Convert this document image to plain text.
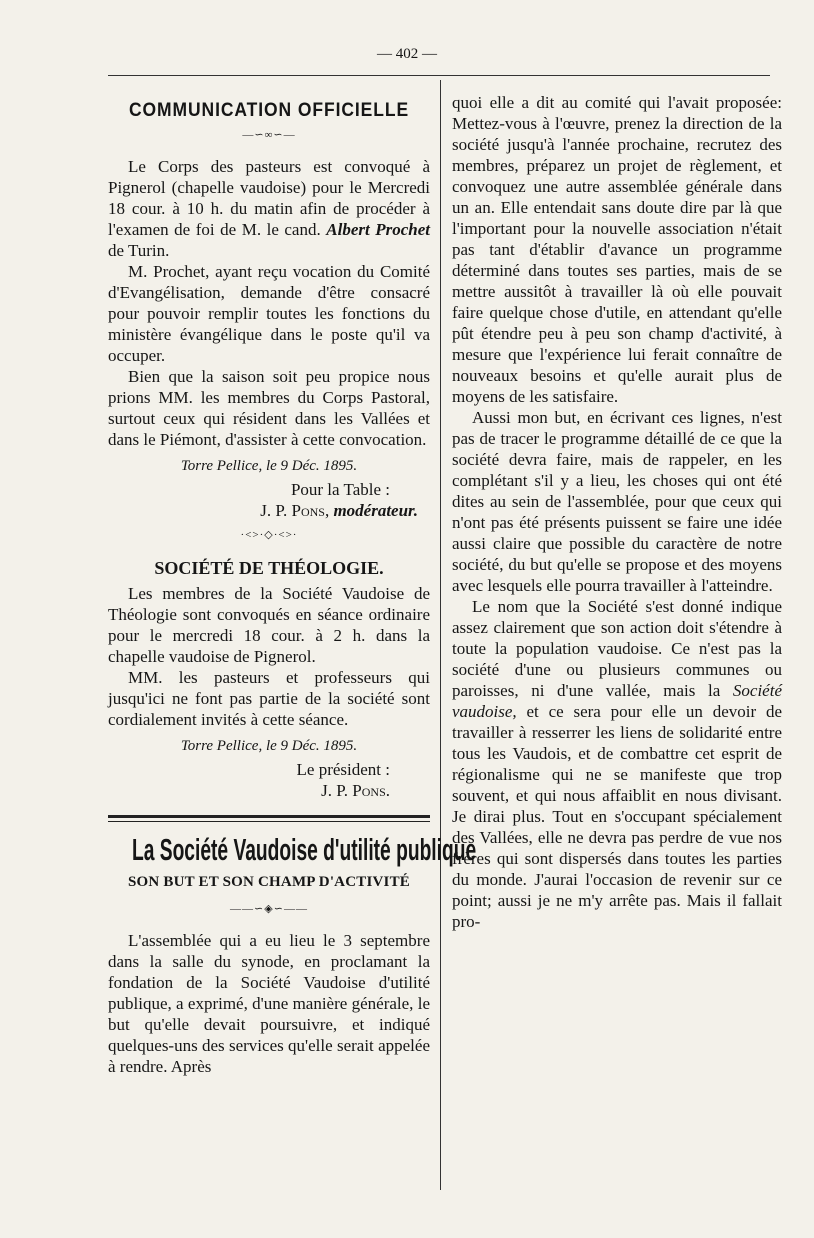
— 402 —
COMMUNICATION OFFICIELLE
—∽∞∽—

Le Corps des pasteurs est convoqué à Pignerol (chapelle vaudoise) pour le Mercredi 18 cour. à 10 h. du matin afin de procéder à l'examen de foi de M. le cand. Albert Prochet de Turin.

M. Prochet, ayant reçu vocation du Comité d'Evangélisation, demande d'être consacré pour pouvoir remplir toutes les fonctions du ministère évangélique dans le poste qu'il va occuper.

Bien que la saison soit peu propice nous prions MM. les membres du Corps Pastoral, surtout ceux qui résident dans les Vallées et dans le Piémont, d'assister à cette convocation.

Torre Pellice, le 9 Déc. 1895.
Pour la Table :
J. P. Pons, modérateur.
·<>·◇·<>·
SOCIÉTÉ DE THÉOLOGIE.

Les membres de la Société Vaudoise de Théologie sont convoqués en séance ordinaire pour le mercredi 18 cour. à 2 h. dans la chapelle vaudoise de Pignerol.

MM. les pasteurs et professeurs qui jusqu'ici ne font pas partie de la société sont cordialement invités à cette séance.

Torre Pellice, le 9 Déc. 1895.
Le président :
J. P. Pons.
La Société Vaudoise d'utilité publique
SON BUT ET SON CHAMP D'ACTIVITÉ
——∽◈∽——

L'assemblée qui a eu lieu le 3 septembre dans la salle du synode, en proclamant la fondation de la Société Vaudoise d'utilité publique, a exprimé, d'une manière générale, le but qu'elle devait poursuivre, et indiqué quelques-uns des services qu'elle serait appelée à rendre. Après

quoi elle a dit au comité qui l'avait proposée: Mettez-vous à l'œuvre, prenez la direction de la société jusqu'à l'année prochaine, recrutez des membres, préparez un projet de règlement, et convoquez une autre assemblée générale dans un an. Elle entendait sans doute dire par là que l'important pour la nouvelle association n'était pas tant d'établir d'avance un programme déterminé dans toutes ses parties, mais de se mettre aussitôt à travailler là où elle pouvait faire quelque chose d'utile, en attendant qu'elle pût étendre peu à peu son champ d'activité, à mesure que l'expérience lui ferait connaître de nouveaux besoins et qu'elle aurait plus de moyens de les satisfaire.

Aussi mon but, en écrivant ces lignes, n'est pas de tracer le programme détaillé de ce que la société devra faire, mais de rappeler, en les complétant s'il y a lieu, les choses qui ont été dites au sein de l'assemblée, pour que ceux qui n'ont pas été présents puissent se faire une idée aussi claire que possible du caractère de notre société, du but qu'elle se propose et des moyens avec lesquels elle pourra travailler à l'atteindre.

Le nom que la Société s'est donné indique assez clairement que son action doit s'étendre à toute la population vaudoise. Ce n'est pas la société d'une ou plusieurs communes ou paroisses, ni d'une vallée, mais la Société vaudoise, et ce sera pour elle un devoir de travailler à resserrer les liens de solidarité entre tous les Vaudois, et de combattre cet esprit de régionalisme qui ne se manifeste que trop souvent, et qui nous affaiblit en nous divisant. Je dirai plus. Tout en s'occupant spécialement des Vallées, elle ne devra pas perdre de vue nos frères qui sont dispersés dans toutes les parties du monde. J'aurai l'occasion de revenir sur ce point; aussi je ne m'y arrête pas. Mais il fallait pro-
